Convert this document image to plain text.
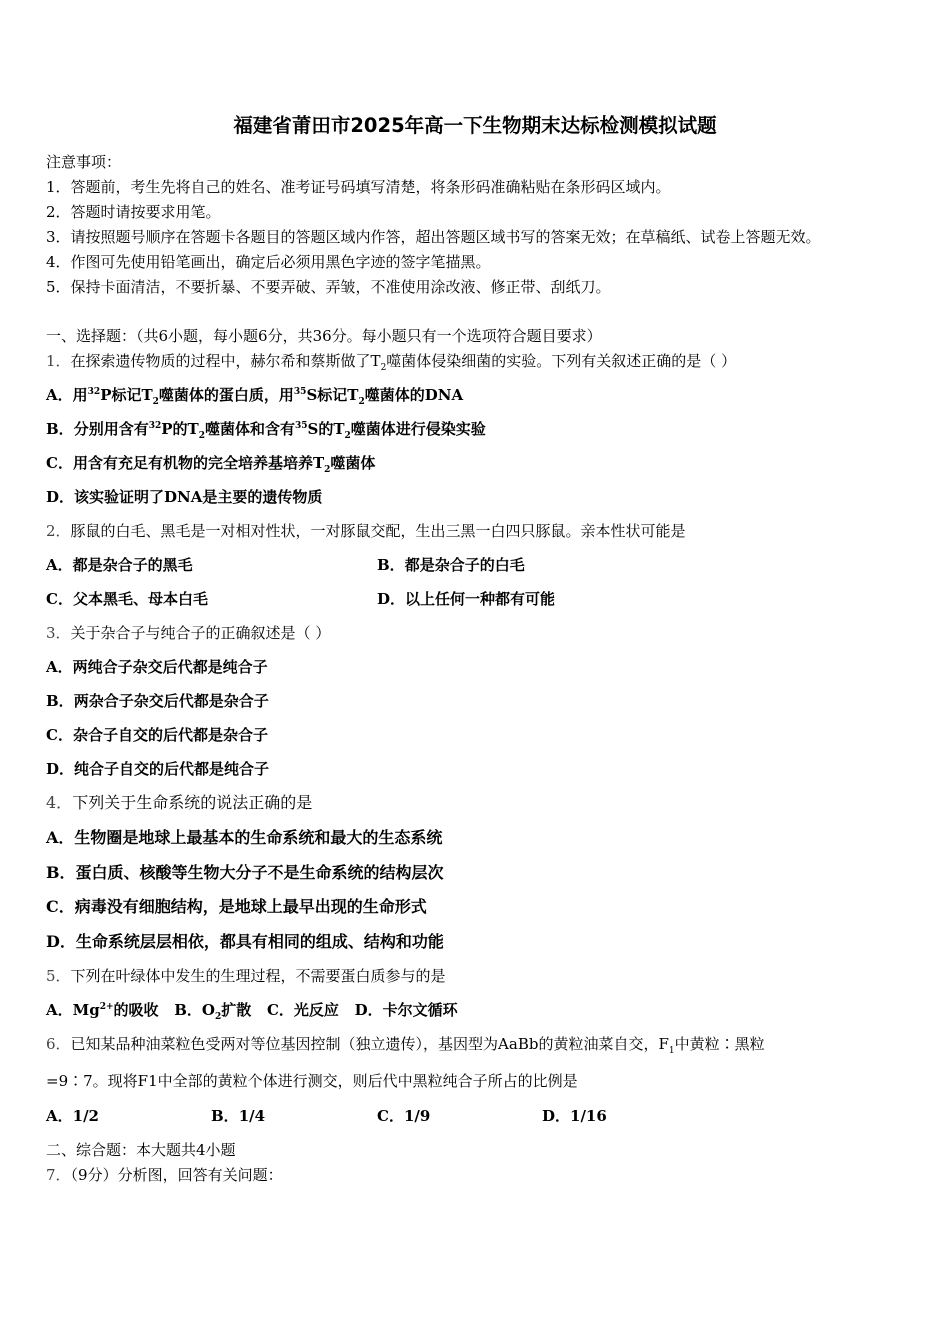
福建省莆田市2025年高一下生物期末达标检测模拟试题
注意事项：
1．答题前，考生先将自己的姓名、准考证号码填写清楚，将条形码准确粘贴在条形码区域内。
2．答题时请按要求用笔。
3．请按照题号顺序在答题卡各题目的答题区域内作答，超出答题区域书写的答案无效；在草稿纸、试卷上答题无效。
4．作图可先使用铅笔画出，确定后必须用黑色字迹的签字笔描黑。
5．保持卡面清洁，不要折暴、不要弄破、弄皱，不准使用涂改液、修正带、刮纸刀。
一、选择题：（共6小题，每小题6分，共36分。每小题只有一个选项符合题目要求）
1．在探索遗传物质的过程中，赫尔希和蔡斯做了$T_2$噬菌体侵染细菌的实验。下列有关叙述正确的是（ ）
A．用$^{32}$P标记$T_2$噬菌体的蛋白质，用$^{35}$S标记$T_2$噬菌体的DNA
B．分别用含有$^{32}$P的$T_2$噬菌体和含有$^{35}$S的$T_2$噬菌体进行侵染实验
C．用含有充足有机物的完全培养基培养$T_2$噬菌体
D．该实验证明了DNA是主要的遗传物质
2．豚鼠的白毛、黑毛是一对相对性状，一对豚鼠交配，生出三黑一白四只豚鼠。亲本性状可能是
A．都是杂合子的黑毛	B．都是杂合子的白毛
C．父本黑毛、母本白毛	D．以上任何一种都有可能
3．关于杂合子与纯合子的正确叙述是（ ）
A．两纯合子杂交后代都是纯合子
B．两杂合子杂交后代都是杂合子
C．杂合子自交的后代都是杂合子
D．纯合子自交的后代都是纯合子
4．下列关于生命系统的说法正确的是
A．生物圈是地球上最基本的生命系统和最大的生态系统
B．蛋白质、核酸等生物大分子不是生命系统的结构层次
C．病毒没有细胞结构，是地球上最早出现的生命形式
D．生命系统层层相依，都具有相同的组成、结构和功能
5．下列在叶绿体中发生的生理过程，不需要蛋白质参与的是
A．$Mg^{2+}$的吸收 B．$O_2$扩散 C．光反应 D．卡尔文循环
6．已知某品种油菜粒色受两对等位基因控制（独立遗传），基因型为AaBb的黄粒油菜自交，$F_1$中黄粒∶黑粒
=9∶7。现将F1中全部的黄粒个体进行测交，则后代中黑粒纯合子所占的比例是
A．1/2	B．1/4	C．1/9	D．1/16
二、综合题：本大题共4小题
7．（9分）分析图，回答有关问题：
